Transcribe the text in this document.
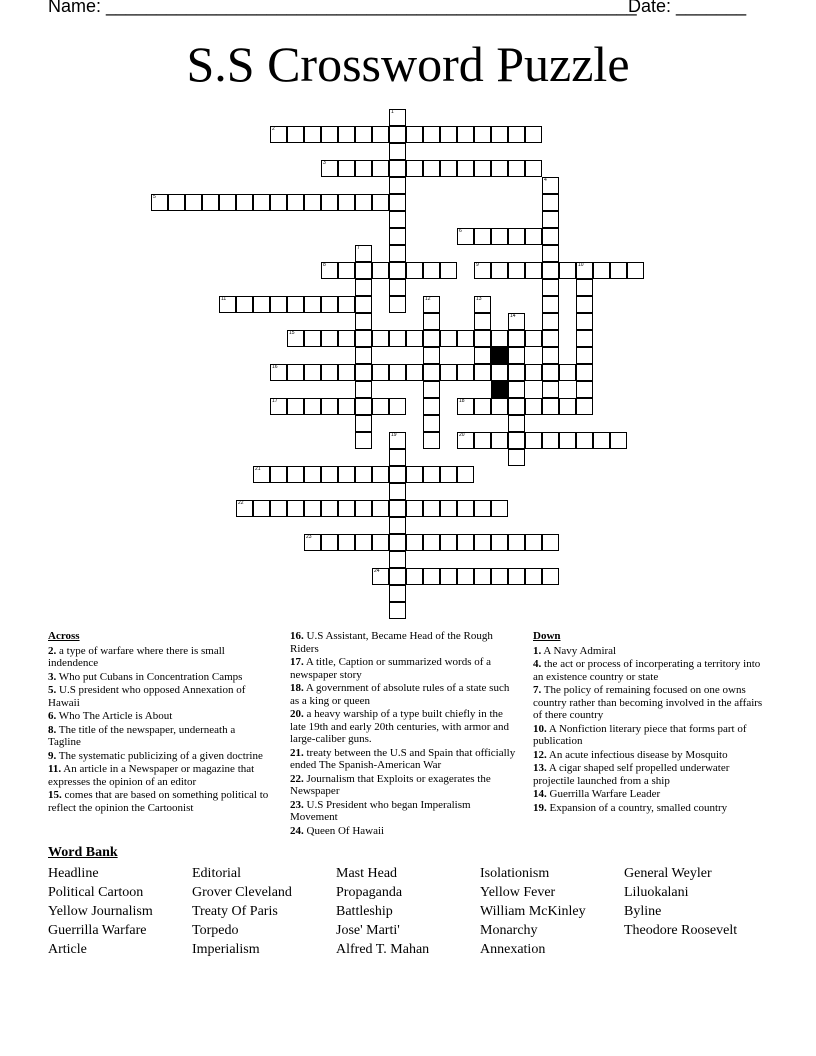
Name: _____________________________________________________
Date: _______
S.S Crossword Puzzle
2
3
5
6
8	9	10
11
15
16
17	18
20
21
22
23
24
1
4
7
12	13
14
19
Across
2. a type of warfare where there is small indendence
3. Who put Cubans in Concentration Camps
5. U.S president who opposed Annexation of Hawaii
6. Who The Article is About
8. The title of the newspaper, underneath a Tagline
9. The systematic publicizing of a given doctrine
11. An article in a Newspaper or magazine that expresses the opinion of an editor
15. comes that are based on something political to reflect the opinion the Cartoonist
16. U.S Assistant, Became Head of the Rough Riders
17. A title, Caption or summarized words of a newspaper story
18. A government of absolute rules of a state such as a king or queen
20. a heavy warship of a type built chiefly in the late 19th and early 20th centuries, with armor and large-caliber guns.
21. treaty between the U.S and Spain that officially ended The Spanish-American War
22. Journalism that Exploits or exagerates the Newspaper
23. U.S President who began Imperalism Movement
24. Queen Of Hawaii
Down
1. A Navy Admiral
4. the act or process of incorperating a territory into an existence country or state
7. The policy of remaining focused on one owns country rather than becoming involved in the affairs of there country
10. A Nonfiction literary piece that forms part of publication
12. An acute infectious disease by Mosquito
13. A cigar shaped self propelled underwater projectile launched from a ship
14. Guerrilla Warfare Leader
19. Expansion of a country, smalled country
Word Bank
Headline
Political Cartoon
Yellow Journalism
Guerrilla Warfare
Article
Editorial
Grover Cleveland
Treaty Of Paris
Torpedo
Imperialism
Mast Head
Propaganda
Battleship
Jose' Marti'
Alfred T. Mahan
Isolationism
Yellow Fever
William McKinley
Monarchy
Annexation
General Weyler
Liluokalani
Byline
Theodore Roosevelt
